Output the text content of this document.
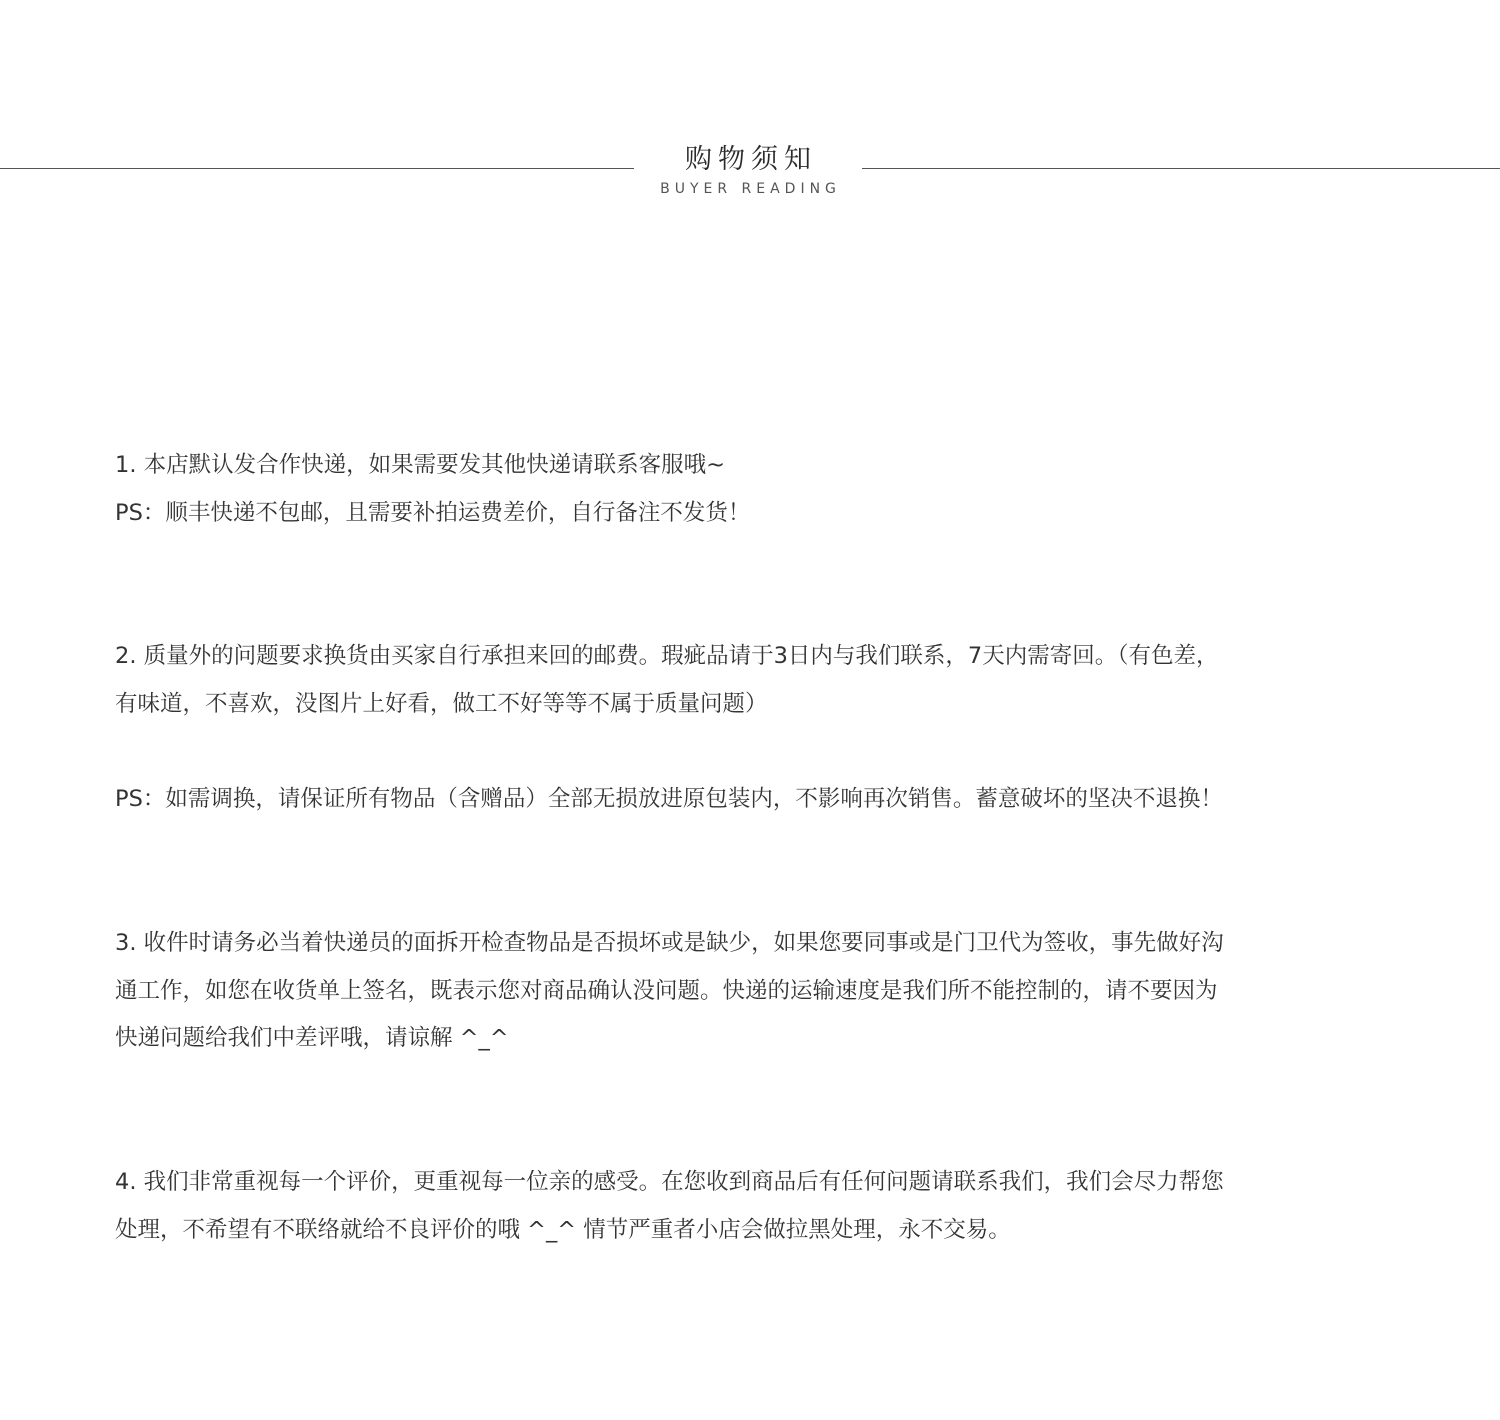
购物须知
BUYER READING
1. 本店默认发合作快递，如果需要发其他快递请联系客服哦~
PS：顺丰快递不包邮，且需要补拍运费差价，自行备注不发货！
2. 质量外的问题要求换货由买家自行承担来回的邮费。瑕疵品请于3日内与我们联系，7天内需寄回。（有色差，
有味道，不喜欢，没图片上好看，做工不好等等不属于质量问题）
PS：如需调换，请保证所有物品（含赠品）全部无损放进原包装内，不影响再次销售。蓄意破坏的坚决不退换！
3. 收件时请务必当着快递员的面拆开检查物品是否损坏或是缺少，如果您要同事或是门卫代为签收，事先做好沟
通工作，如您在收货单上签名，既表示您对商品确认没问题。快递的运输速度是我们所不能控制的，请不要因为
快递问题给我们中差评哦，请谅解 ^_^
4. 我们非常重视每一个评价，更重视每一位亲的感受。在您收到商品后有任何问题请联系我们，我们会尽力帮您
处理，不希望有不联络就给不良评价的哦 ^_^ 情节严重者小店会做拉黑处理，永不交易。
